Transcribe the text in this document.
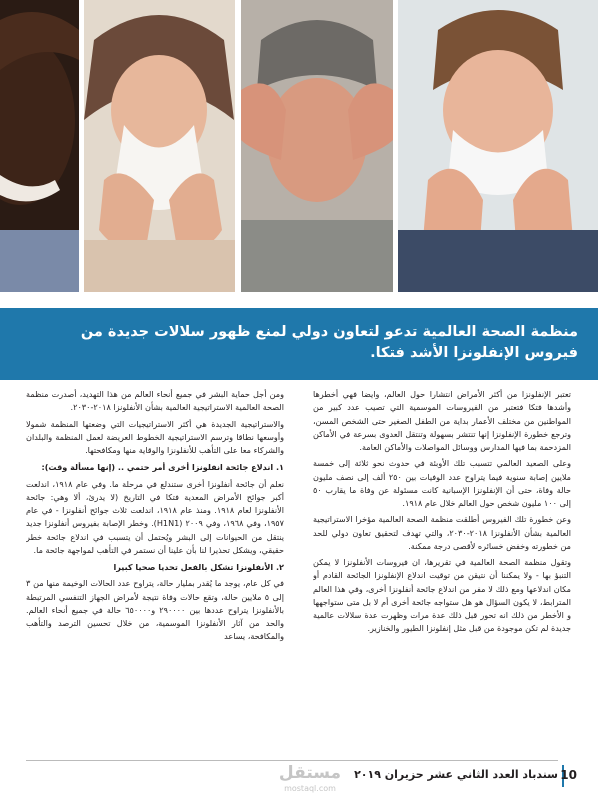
منظمة الصحة العالمية تدعو لتعاون دولي لمنع ظهور سلالات جديدة من فيروس الإنفلونزا الأشد فتكا.

تعتبر الإنفلونزا من أكثر الأمراض انتشارا حول العالم، وايضا فهي أخطرها وأشدها فتكا فتعتبر من الفيروسات الموسمية التي تصيب عدد كبير من المواطنين من مختلف الأعمار بداية من الطفل الصغير حتى الشخص المسن، وترجع خطورة الإنفلونزا إنها تنتشر بسهولة وتنتقل العدوى بسرعة في الأماكن المزدحمة بما فيها المدارس ووسائل المواصلات والأماكن العامة.

وعلى الصعيد العالمي تتسبب تلك الأوبئة في حدوث نحو ثلاثة إلى خمسة ملايين إصابة سنوية فيما يتراوح عدد الوفيات بين ٢٥٠ ألف إلى نصف مليون حالة وفاة، حتى أن الإنفلونزا الإسبانية كانت مسئولة عن وفاة ما يقارب ٥٠ إلى ١٠٠ مليون شخص حول العالم خلال عام ١٩١٨.

وعن خطورة تلك الفيروس أطلقت منظمة الصحة العالمية مؤخرا الاستراتيجية العالمية بشأن الأنفلونزا ٢٠١٨-٢٠٣٠، والتي تهدف لتحقيق تعاون دولي للحد من خطورته وخفض خسائره لأقصى درجة ممكنة.

وتقول منظمة الصحة العالمية في تقريرها، ان فيروسات الأنفلونزا لا يمكن التنبؤ بها - ولا يمكننا أن نتيقن من توقيت اندلاع الإنفلونزا الجائحة القادم أو مكان اندلاعها ومع ذلك لا مفر من اندلاع جائحة أنفلونزا أخرى، وفي هذا العالم المترابط، لا يكون السؤال هو هل ستواجه جائحة أخرى أم لا بل متى ستواجهها و الأخطر من ذلك انه تحور قبل ذلك عدة مرات وظهرت عدة سلالات عالمية جديدة لم تكن موجودة من قبل مثل إنفلونزا الطيور والخنازير.

ومن أجل حماية البشر في جميع أنحاء العالم من هذا التهديد، أصدرت منظمة الصحة العالمية الاستراتيجية العالمية بشأن الأنفلونزا ٢٠١٨-٢٠٣٠.

والاستراتيجية الجديدة هي أكثر الاستراتيجيات التي وضعتها المنظمة شمولا وأوسعها نطاقا وترسم الاستراتيجية الخطوط العريضة لعمل المنظمة والبلدان والشركاء معا على التأهب للأنفلونزا والوقاية منها ومكافحتها.

١. اندلاع جائحة انفلونزا أخرى أمر حتمي .. (إنها مسألة وقت):

نعلم أن جائحة أنفلونزا أخرى ستندلع في مرحلة ما. وفي عام ١٩١٨، اندلعت أكبر جوائح الأمراض المعدية فتكا في التاريخ (لا يدرئ، ألا وهي: جائحة الأنفلونزا لعام ١٩١٨. ومنذ عام ١٩١٨، اندلعت ثلاث جوائح أنفلونزا - في عام ١٩٥٧، وفي ١٩٦٨، وفي ٢٠٠٩ (H1N1). وخطر الإصابة بفيروس أنفلونزا جديد ينتقل من الحيوانات إلى البشر ويُحتمل أن يتسبب في اندلاع جائحة خطر حقيقي، ويشكل تحذيرا لنا بأن علينا أن نستمر في التأهب لمواجهة جائحة ما.

٢. الأنفلونزا تشكل بالفعل تحديا صحيا كبيرا

في كل عام، يوجد ما يُقدر بمليار حالة، يتراوح عدد الحالات الوخيمة منها من ٣ إلى ٥ ملايين حالة، وتقع حالات وفاة نتيجة لأمراض الجهاز التنفسي المرتبطة بالأنفلونزا يتراوح عددها بين ٢٩٠٠٠٠ و٦٥٠٠٠٠ حالة في جميع أنحاء العالم. والحد من آثار الأنفلونزا الموسمية، من خلال تحسين الترصد والتأهب والمكافحة، يساعد

10
سندباد العدد الثاني عشر حزيران ٢٠١٩
مستقل
mostaql.com
